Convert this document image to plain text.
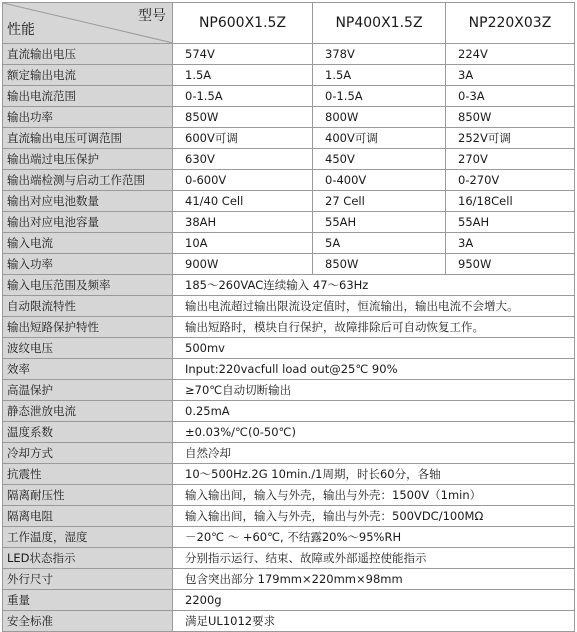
型号
性能	NP600X1.5Z	NP400X1.5Z	NP220X03Z
直流输出电压	574V	378V	224V
额定输出电流	1.5A	1.5A	3A
输出电流范围	0-1.5A	0-1.5A	0-3A
输出功率	850W	800W	850W
直流输出电压可调范围	600V可调	400V可调	252V可调
输出端过电压保护	630V	450V	270V
输出端检测与启动工作范围	0-600V	0-400V	0-270V
输出对应电池数量	41/40 Cell	27 Cell	16/18Cell
输出对应电池容量	38AH	55AH	55AH
输入电流	10A	5A	3A
输入功率	900W	850W	950W
输入电压范围及频率	185～260VAC连续输入 47～63Hz		
自动限流特性	输出电流超过输出限流设定值时，恒流输出，输出电流不会增大。		
输出短路保护特性	输出短路时，模块自行保护，故障排除后可自动恢复工作。		
波纹电压	500mv		
效率	Input:220vacfull load out@25℃ 90%		
高温保护	≥70℃自动切断输出		
静态泄放电流	0.25mA		
温度系数	±0.03%/℃(0-50℃)		
冷却方式	自然冷却		
抗震性	10～500Hz.2G 10min./1周期，时长60分，各轴		
隔离耐压性	输入输出间，输入与外壳，输出与外壳：1500V（1min）		
隔离电阻	输入输出间，输入与外壳，输出与外壳：500VDC/100MΩ		
工作温度，湿度	－20℃ ～ +60℃, 不结露20%～95%RH		
LED状态指示	分别指示运行、结束、故障或外部遥控使能指示		
外行尺寸	包含突出部分 179mm×220mm×98mm		
重量	2200g		
安全标准	满足UL1012要求		
